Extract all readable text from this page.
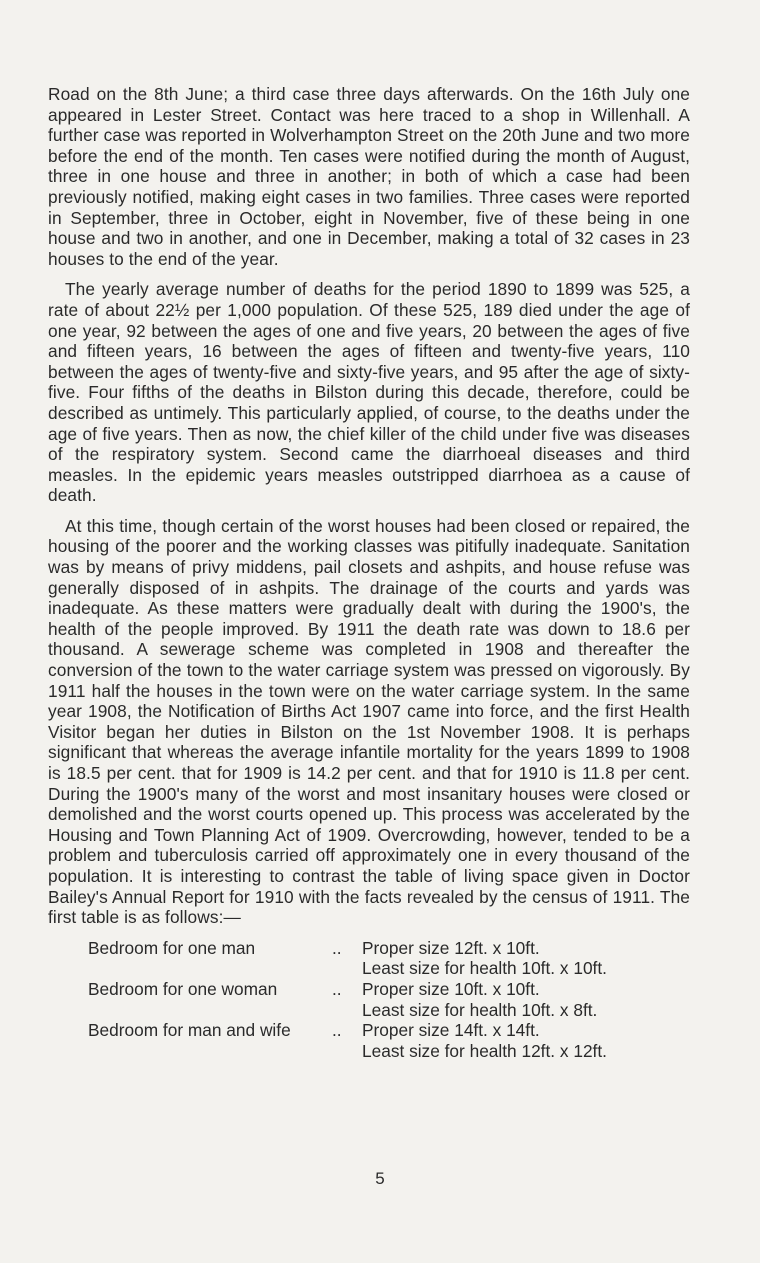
Road on the 8th June; a third case three days afterwards. On the 16th July one appeared in Lester Street. Contact was here traced to a shop in Willenhall. A further case was reported in Wolverhampton Street on the 20th June and two more before the end of the month. Ten cases were notified during the month of August, three in one house and three in another; in both of which a case had been previously notified, making eight cases in two families. Three cases were reported in September, three in October, eight in November, five of these being in one house and two in another, and one in December, making a total of 32 cases in 23 houses to the end of the year.

The yearly average number of deaths for the period 1890 to 1899 was 525, a rate of about 22½ per 1,000 population. Of these 525, 189 died under the age of one year, 92 between the ages of one and five years, 20 between the ages of five and fifteen years, 16 between the ages of fifteen and twenty-five years, 110 between the ages of twenty-five and sixty-five years, and 95 after the age of sixty-five. Four fifths of the deaths in Bilston during this decade, therefore, could be described as untimely. This particularly applied, of course, to the deaths under the age of five years. Then as now, the chief killer of the child under five was diseases of the respiratory system. Second came the diarrhoeal diseases and third measles. In the epidemic years measles outstripped diarrhoea as a cause of death.

At this time, though certain of the worst houses had been closed or repaired, the housing of the poorer and the working classes was pitifully inadequate. Sanitation was by means of privy middens, pail closets and ashpits, and house refuse was generally disposed of in ashpits. The drainage of the courts and yards was inadequate. As these matters were gradually dealt with during the 1900's, the health of the people improved. By 1911 the death rate was down to 18.6 per thousand. A sewerage scheme was completed in 1908 and thereafter the conversion of the town to the water carriage system was pressed on vigorously. By 1911 half the houses in the town were on the water carriage system. In the same year 1908, the Notification of Births Act 1907 came into force, and the first Health Visitor began her duties in Bilston on the 1st November 1908. It is perhaps significant that whereas the average infantile mortality for the years 1899 to 1908 is 18.5 per cent. that for 1909 is 14.2 per cent. and that for 1910 is 11.8 per cent. During the 1900's many of the worst and most insanitary houses were closed or demolished and the worst courts opened up. This process was accelerated by the Housing and Town Planning Act of 1909. Overcrowding, however, tended to be a problem and tuberculosis carried off approximately one in every thousand of the population. It is interesting to contrast the table of living space given in Doctor Bailey's Annual Report for 1910 with the facts revealed by the census of 1911. The first table is as follows:—

Bedroom for one man	..	Proper size 12ft. x 10ft.
Least size for health 10ft. x 10ft.
Bedroom for one woman	..	Proper size 10ft. x 10ft.
Least size for health 10ft. x 8ft.
Bedroom for man and wife	..	Proper size 14ft. x 14ft.
Least size for health 12ft. x 12ft.
5
